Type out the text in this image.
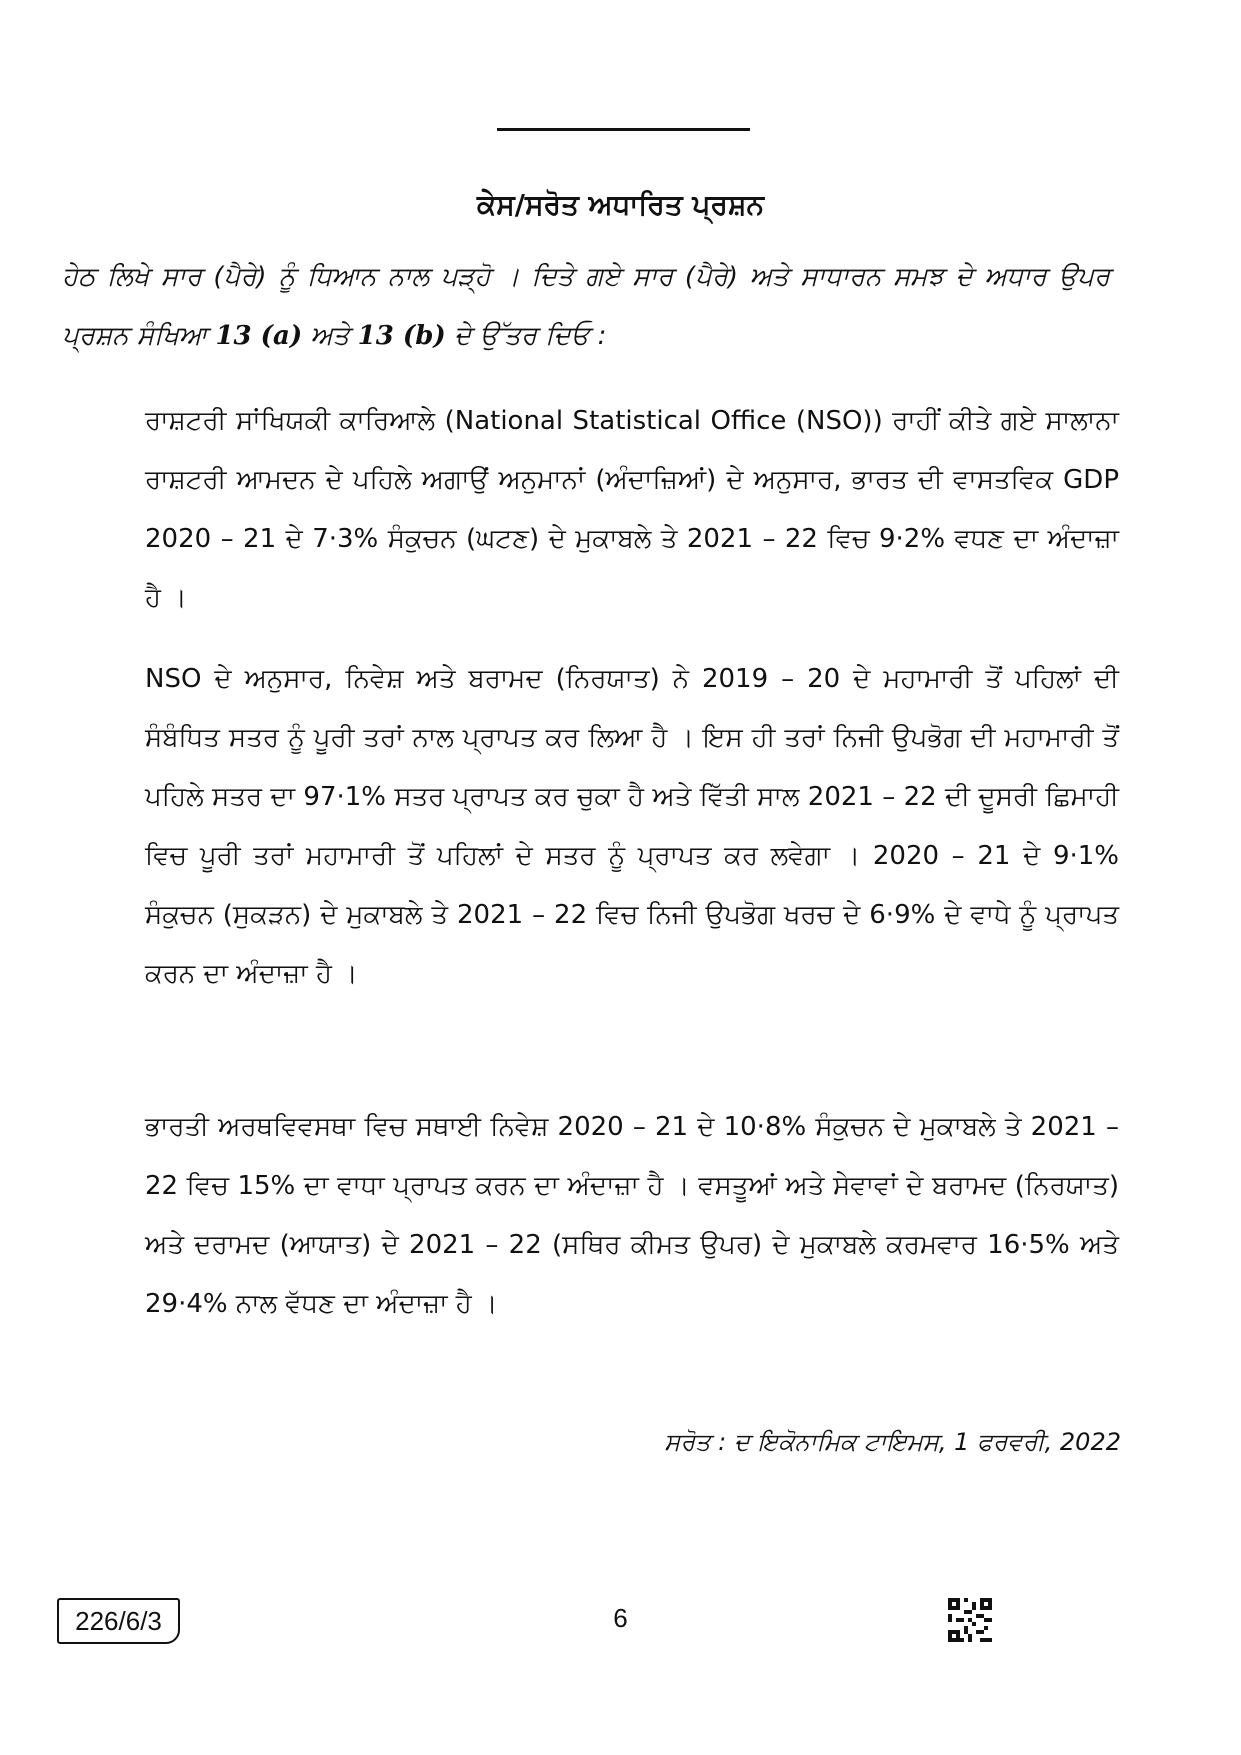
ਕੇਸ/ਸਰੋਤ ਅਧਾਰਿਤ ਪ੍ਰਸ਼ਨ
ਹੇਠ ਲਿਖੇ ਸਾਰ (ਪੈਰੇ) ਨੂੰ ਧਿਆਨ ਨਾਲ ਪੜ੍ਹੋ । ਦਿਤੇ ਗਏ ਸਾਰ (ਪੈਰੇ) ਅਤੇ ਸਾਧਾਰਨ ਸਮਝ ਦੇ ਅਧਾਰ ਉਪਰ ਪ੍ਰਸ਼ਨ ਸੰਖਿਆ 13 (a) ਅਤੇ 13 (b) ਦੇ ਉੱਤਰ ਦਿਓ :

ਰਾਸ਼ਟਰੀ ਸਾਂਖਿਯਕੀ ਕਾਰਿਆਲੇ (National Statistical Office (NSO)) ਰਾਹੀਂ ਕੀਤੇ ਗਏ ਸਾਲਾਨਾ ਰਾਸ਼ਟਰੀ ਆਮਦਨ ਦੇ ਪਹਿਲੇ ਅਗਾਉਂ ਅਨੁਮਾਨਾਂ (ਅੰਦਾਜ਼ਿਆਂ) ਦੇ ਅਨੁਸਾਰ, ਭਾਰਤ ਦੀ ਵਾਸਤਵਿਕ GDP 2020 – 21 ਦੇ 7·3% ਸੰਕੁਚਨ (ਘਟਣ) ਦੇ ਮੁਕਾਬਲੇ ਤੇ 2021 – 22 ਵਿਚ 9·2% ਵਧਣ ਦਾ ਅੰਦਾਜ਼ਾ ਹੈ ।

NSO ਦੇ ਅਨੁਸਾਰ, ਨਿਵੇਸ਼ ਅਤੇ ਬਰਾਮਦ (ਨਿਰਯਾਤ) ਨੇ 2019 – 20 ਦੇ ਮਹਾਮਾਰੀ ਤੋਂ ਪਹਿਲਾਂ ਦੀ ਸੰਬੰਧਿਤ ਸਤਰ ਨੂੰ ਪੂਰੀ ਤਰਾਂ ਨਾਲ ਪ੍ਰਾਪਤ ਕਰ ਲਿਆ ਹੈ । ਇਸ ਹੀ ਤਰਾਂ ਨਿਜੀ ਉਪਭੋਗ ਦੀ ਮਹਾਮਾਰੀ ਤੋਂ ਪਹਿਲੇ ਸਤਰ ਦਾ 97·1% ਸਤਰ ਪ੍ਰਾਪਤ ਕਰ ਚੁਕਾ ਹੈ ਅਤੇ ਵਿੱਤੀ ਸਾਲ 2021 – 22 ਦੀ ਦੂਸਰੀ ਛਿਮਾਹੀ ਵਿਚ ਪੂਰੀ ਤਰਾਂ ਮਹਾਮਾਰੀ ਤੋਂ ਪਹਿਲਾਂ ਦੇ ਸਤਰ ਨੂੰ ਪ੍ਰਾਪਤ ਕਰ ਲਵੇਗਾ । 2020 – 21 ਦੇ 9·1% ਸੰਕੁਚਨ (ਸੁਕੜਨ) ਦੇ ਮੁਕਾਬਲੇ ਤੇ 2021 – 22 ਵਿਚ ਨਿਜੀ ਉਪਭੋਗ ਖਰਚ ਦੇ 6·9% ਦੇ ਵਾਧੇ ਨੂੰ ਪ੍ਰਾਪਤ ਕਰਨ ਦਾ ਅੰਦਾਜ਼ਾ ਹੈ ।

ਭਾਰਤੀ ਅਰਥਵਿਵਸਥਾ ਵਿਚ ਸਥਾਈ ਨਿਵੇਸ਼ 2020 – 21 ਦੇ 10·8% ਸੰਕੁਚਨ ਦੇ ਮੁਕਾਬਲੇ ਤੇ 2021 – 22 ਵਿਚ 15% ਦਾ ਵਾਧਾ ਪ੍ਰਾਪਤ ਕਰਨ ਦਾ ਅੰਦਾਜ਼ਾ ਹੈ । ਵਸਤੂਆਂ ਅਤੇ ਸੇਵਾਵਾਂ ਦੇ ਬਰਾਮਦ (ਨਿਰਯਾਤ) ਅਤੇ ਦਰਾਮਦ (ਆਯਾਤ) ਦੇ 2021 – 22 (ਸਥਿਰ ਕੀਮਤ ਉਪਰ) ਦੇ ਮੁਕਾਬਲੇ ਕਰਮਵਾਰ 16·5% ਅਤੇ 29·4% ਨਾਲ ਵੱਧਣ ਦਾ ਅੰਦਾਜ਼ਾ ਹੈ ।

ਸਰੋਤ : ਦ ਇਕੋਨਾਮਿਕ ਟਾਇਮਸ, 1 ਫਰਵਰੀ, 2022
226/6/3	6
